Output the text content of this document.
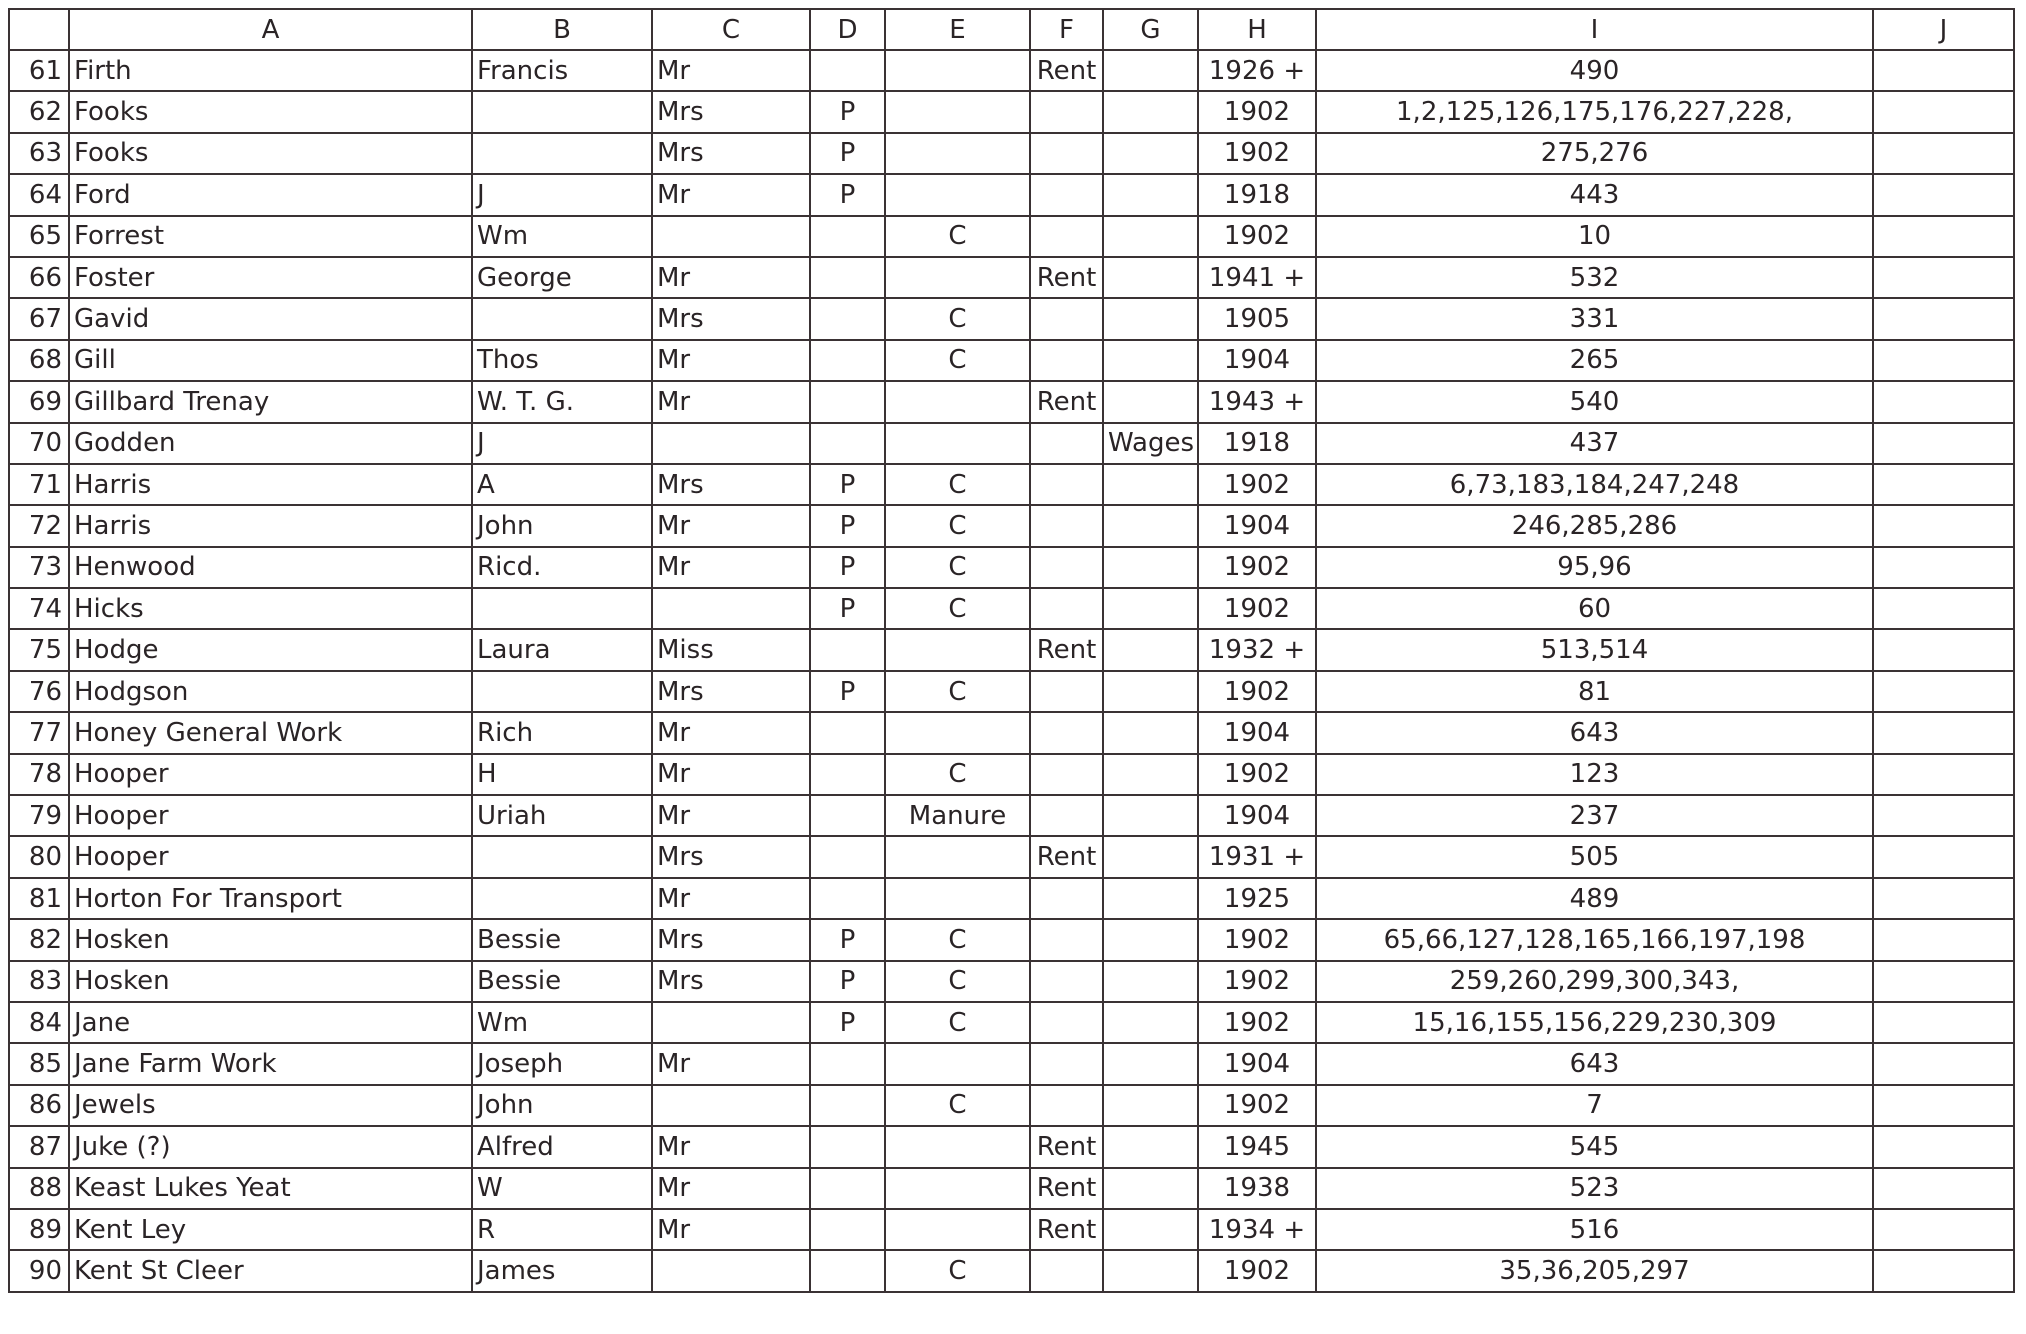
	A	B	C	D	E	F	G	H	I	J
61	Firth	Francis	Mr			Rent		1926 +	490	
62	Fooks		Mrs	P				1902	1,2,125,126,175,176,227,228,	
63	Fooks		Mrs	P				1902	275,276	
64	Ford	J	Mr	P				1918	443	
65	Forrest	Wm			C			1902	10	
66	Foster	George	Mr			Rent		1941 +	532	
67	Gavid		Mrs		C			1905	331	
68	Gill	Thos	Mr		C			1904	265	
69	Gillbard Trenay	W. T. G.	Mr			Rent		1943 +	540	
70	Godden	J					Wages	1918	437	
71	Harris	A	Mrs	P	C			1902	6,73,183,184,247,248	
72	Harris	John	Mr	P	C			1904	246,285,286	
73	Henwood	Ricd.	Mr	P	C			1902	95,96	
74	Hicks			P	C			1902	60	
75	Hodge	Laura	Miss			Rent		1932 +	513,514	
76	Hodgson		Mrs	P	C			1902	81	
77	Honey General Work	Rich	Mr					1904	643	
78	Hooper	H	Mr		C			1902	123	
79	Hooper	Uriah	Mr		Manure			1904	237	
80	Hooper		Mrs			Rent		1931 +	505	
81	Horton For Transport		Mr					1925	489	
82	Hosken	Bessie	Mrs	P	C			1902	65,66,127,128,165,166,197,198	
83	Hosken	Bessie	Mrs	P	C			1902	259,260,299,300,343,	
84	Jane	Wm		P	C			1902	15,16,155,156,229,230,309	
85	Jane Farm Work	Joseph	Mr					1904	643	
86	Jewels	John			C			1902	7	
87	Juke (?)	Alfred	Mr			Rent		1945	545	
88	Keast Lukes Yeat	W	Mr			Rent		1938	523	
89	Kent Ley	R	Mr			Rent		1934 +	516	
90	Kent St Cleer	James			C			1902	35,36,205,297	
